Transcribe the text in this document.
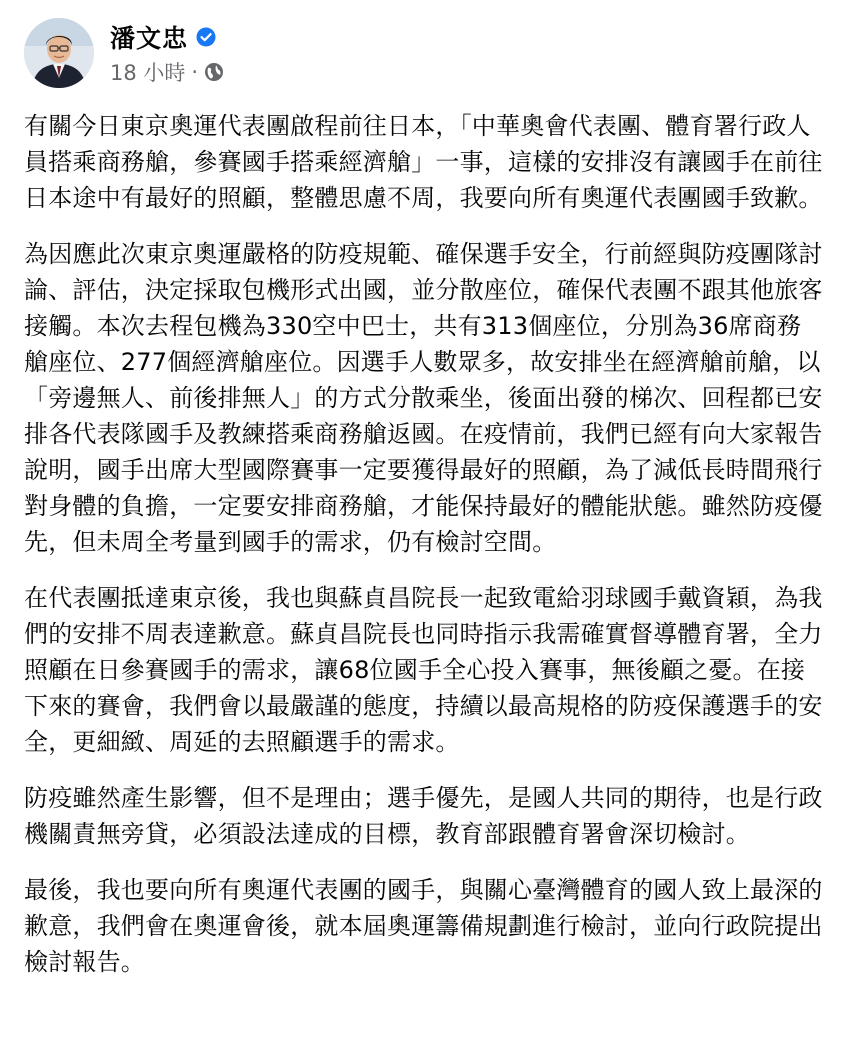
潘文忠
18 小時 ·

有關今日東京奧運代表團啟程前往日本，「中華奧會代表團、體育署行政人員搭乘商務艙，參賽國手搭乘經濟艙」一事，這樣的安排沒有讓國手在前往日本途中有最好的照顧，整體思慮不周，我要向所有奧運代表團國手致歉。

為因應此次東京奧運嚴格的防疫規範、確保選手安全，行前經與防疫團隊討論、評估，決定採取包機形式出國，並分散座位，確保代表團不跟其他旅客接觸。本次去程包機為330空中巴士，共有313個座位，分別為36席商務艙座位、277個經濟艙座位。因選手人數眾多，故安排坐在經濟艙前艙，以「旁邊無人、前後排無人」的方式分散乘坐，後面出發的梯次、回程都已安排各代表隊國手及教練搭乘商務艙返國。在疫情前，我們已經有向大家報告說明，國手出席大型國際賽事一定要獲得最好的照顧，為了減低長時間飛行對身體的負擔，一定要安排商務艙，才能保持最好的體能狀態。雖然防疫優先，但未周全考量到國手的需求，仍有檢討空間。

在代表團抵達東京後，我也與蘇貞昌院長一起致電給羽球國手戴資穎，為我們的安排不周表達歉意。蘇貞昌院長也同時指示我需確實督導體育署，全力照顧在日參賽國手的需求，讓68位國手全心投入賽事，無後顧之憂。在接下來的賽會，我們會以最嚴謹的態度，持續以最高規格的防疫保護選手的安全，更細緻、周延的去照顧選手的需求。

防疫雖然產生影響，但不是理由；選手優先，是國人共同的期待，也是行政機關責無旁貸，必須設法達成的目標，教育部跟體育署會深切檢討。

最後，我也要向所有奧運代表團的國手，與關心臺灣體育的國人致上最深的歉意，我們會在奧運會後，就本屆奧運籌備規劃進行檢討，並向行政院提出檢討報告。
